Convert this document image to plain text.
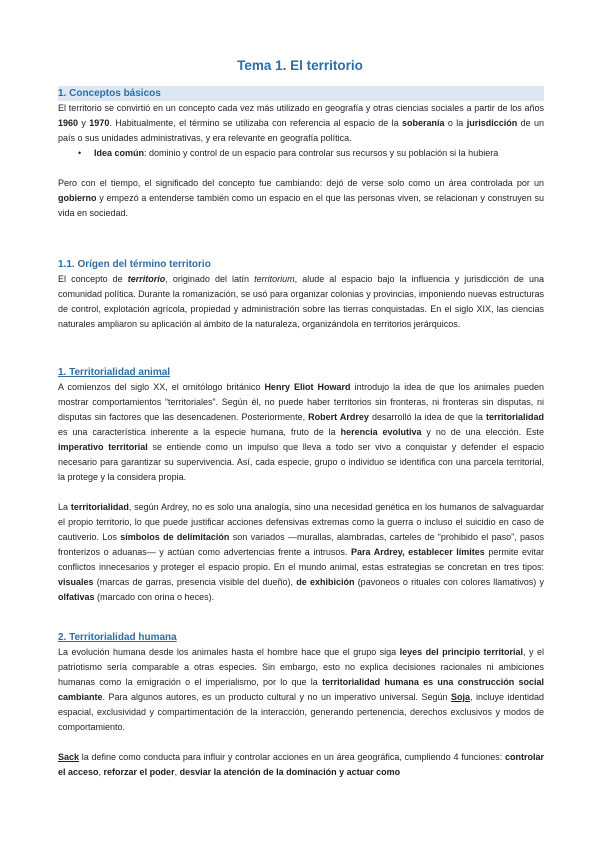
Tema 1. El territorio
1. Conceptos básicos

El territorio se convirtió en un concepto cada vez más utilizado en geografía y otras ciencias sociales a partir de los años 1960 y 1970. Habitualmente, el término se utilizaba con referencia al espacio de la soberanía o la jurisdicción de un país o sus unidades administrativas, y era relevante en geografía política.

• Idea común: dominio y control de un espacio para controlar sus recursos y su población si la hubiera

Pero con el tiempo, el significado del concepto fue cambiando: dejó de verse solo como un área controlada por un gobierno y empezó a entenderse también como un espacio en el que las personas viven, se relacionan y construyen su vida en sociedad.

1.1. Orígen del término territorio

El concepto de territorio, originado del latín territorium, alude al espacio bajo la influencia y jurisdicción de una comunidad política. Durante la romanización, se usó para organizar colonias y provincias, imponiendo nuevas estructuras de control, explotación agrícola, propiedad y administración sobre las tierras conquistadas. En el siglo XIX, las ciencias naturales ampliaron su aplicación al ámbito de la naturaleza, organizándola en territorios jerárquicos.

1. Territorialidad animal

A comienzos del siglo XX, el ornitólogo británico Henry Eliot Howard introdujo la idea de que los animales pueden mostrar comportamientos “territoriales”. Según él, no puede haber territorios sin fronteras, ni fronteras sin disputas, ni disputas sin factores que las desencadenen. Posteriormente, Robert Ardrey desarrolló la idea de que la territorialidad es una característica inherente a la especie humana, fruto de la herencia evolutiva y no de una elección. Este imperativo territorial se entiende como un impulso que lleva a todo ser vivo a conquistar y defender el espacio necesario para garantizar su supervivencia. Así, cada especie, grupo o individuo se identifica con una parcela territorial, la protege y la considera propia.

La territorialidad, según Ardrey, no es solo una analogía, sino una necesidad genética en los humanos de salvaguardar el propio territorio, lo que puede justificar acciones defensivas extremas como la guerra o incluso el suicidio en caso de cautiverio. Los símbolos de delimitación son variados —murallas, alambradas, carteles de “prohibido el paso”, pasos fronterizos o aduanas— y actúan como advertencias frente a intrusos. Para Ardrey, establecer límites permite evitar conflictos innecesarios y proteger el espacio propio. En el mundo animal, estas estrategias se concretan en tres tipos: visuales (marcas de garras, presencia visible del dueño), de exhibición (pavoneos o rituales con colores llamativos) y olfativas (marcado con orina o heces).

2. Territorialidad humana

La evolución humana desde los animales hasta el hombre hace que el grupo siga leyes del principio territorial, y el patriotismo sería comparable a otras especies. Sin embargo, esto no explica decisiones racionales ni ambiciones humanas como la emigración o el imperialismo, por lo que la territorialidad humana es una construcción social cambiante. Para algunos autores, es un producto cultural y no un imperativo universal. Según Soja, incluye identidad espacial, exclusividad y compartimentación de la interacción, generando pertenencia, derechos exclusivos y modos de comportamiento.

Sack la define como conducta para influir y controlar acciones en un área geográfica, cumpliendo 4 funciones: controlar el acceso, reforzar el poder, desviar la atención de la dominación y actuar como
